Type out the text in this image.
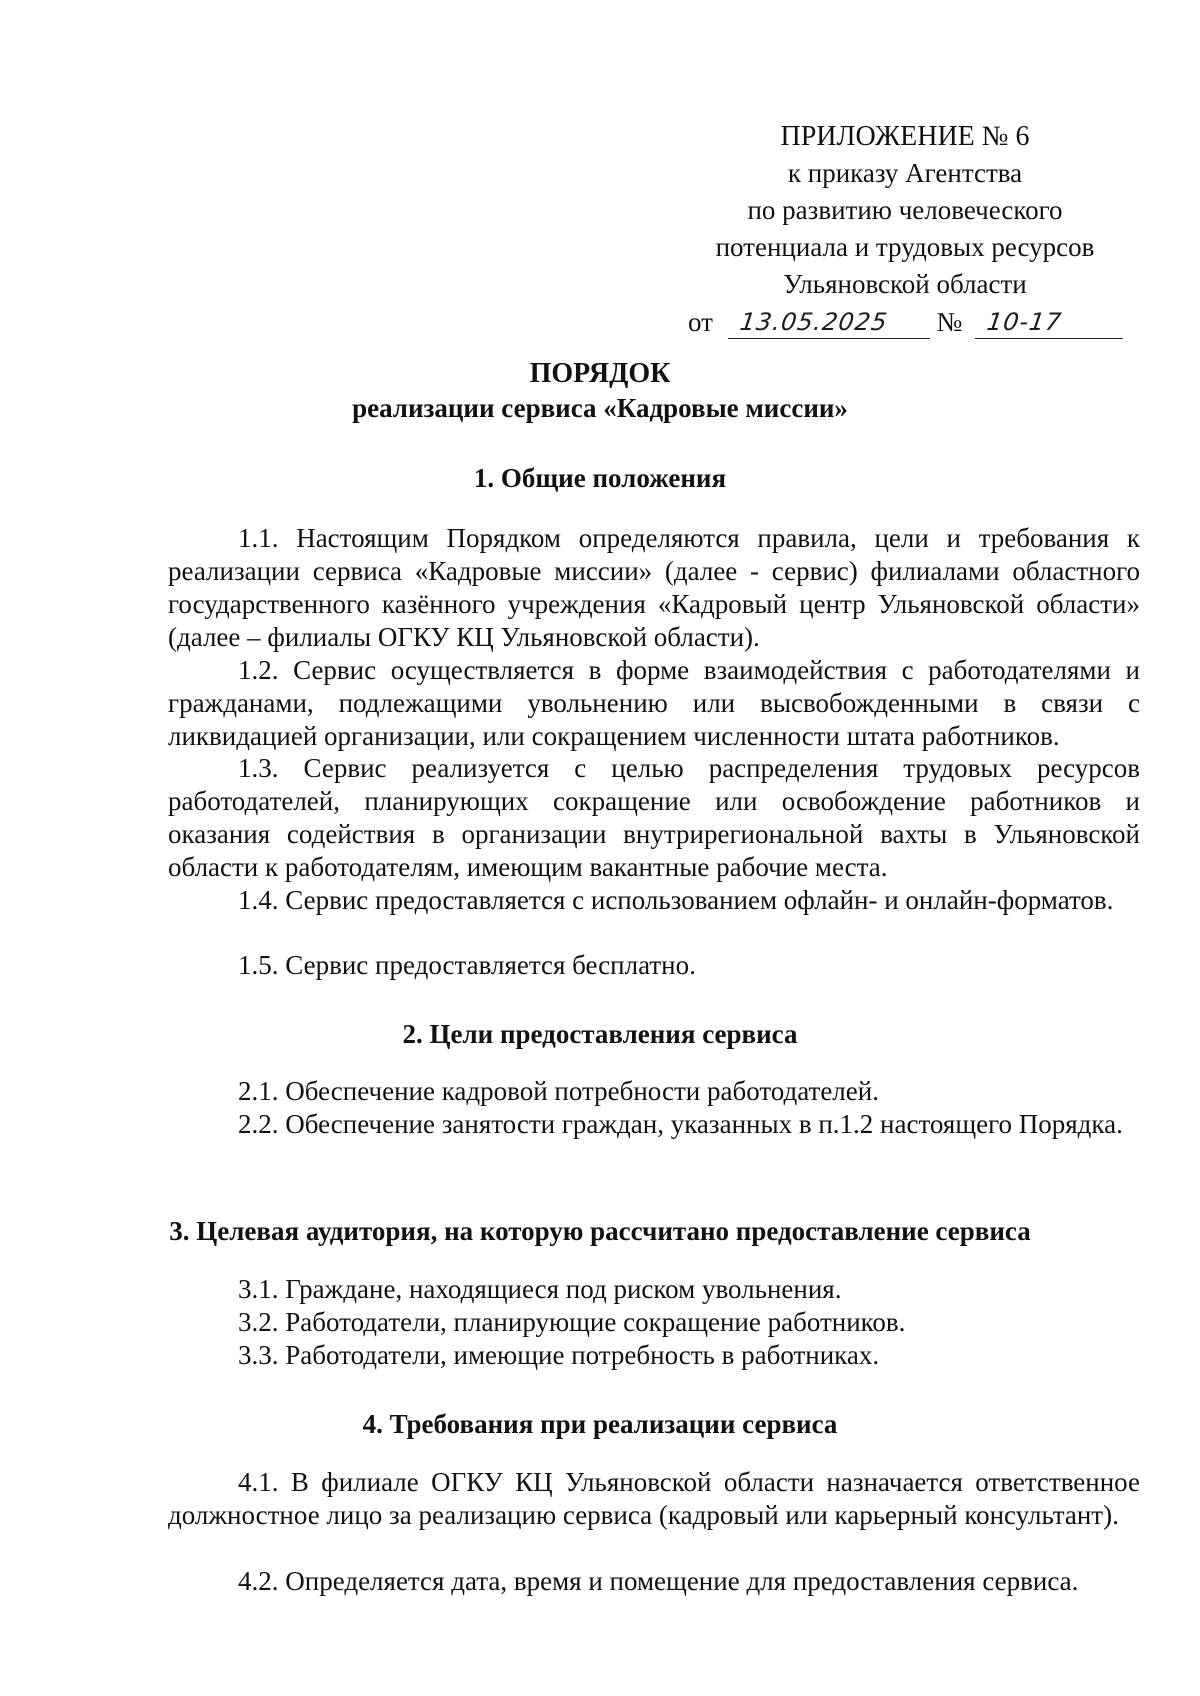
ПРИЛОЖЕНИЕ № 6
к приказу Агентства
по развитию человеческого
потенциала и трудовых ресурсов
Ульяновской области
от 13.05.2025 № 10-17
ПОРЯДОК
реализации сервиса «Кадровые миссии»
1. Общие положения

1.1. Настоящим Порядком определяются правила, цели и требования к реализации сервиса «Кадровые миссии» (далее - сервис) филиалами областного государственного казённого учреждения «Кадровый центр Ульяновской области» (далее – филиалы ОГКУ КЦ Ульяновской области).

1.2. Сервис осуществляется в форме взаимодействия с работодателями и гражданами, подлежащими увольнению или высвобожденными в связи с ликвидацией организации, или сокращением численности штата работников.

1.3. Сервис реализуется с целью распределения трудовых ресурсов работодателей, планирующих сокращение или освобождение работников и оказания содействия в организации внутрирегиональной вахты в Ульяновской области к работодателям, имеющим вакантные рабочие места.

1.4. Сервис предоставляется с использованием офлайн- и онлайн-форматов.

1.5. Сервис предоставляется бесплатно.

2. Цели предоставления сервиса

2.1. Обеспечение кадровой потребности работодателей.

2.2. Обеспечение занятости граждан, указанных в п.1.2 настоящего Порядка.

3. Целевая аудитория, на которую рассчитано предоставление сервиса

3.1. Граждане, находящиеся под риском увольнения.

3.2. Работодатели, планирующие сокращение работников.

3.3. Работодатели, имеющие потребность в работниках.

4. Требования при реализации сервиса

4.1. В филиале ОГКУ КЦ Ульяновской области назначается ответственное должностное лицо за реализацию сервиса (кадровый или карьерный консультант).

4.2. Определяется дата, время и помещение для предоставления сервиса.
